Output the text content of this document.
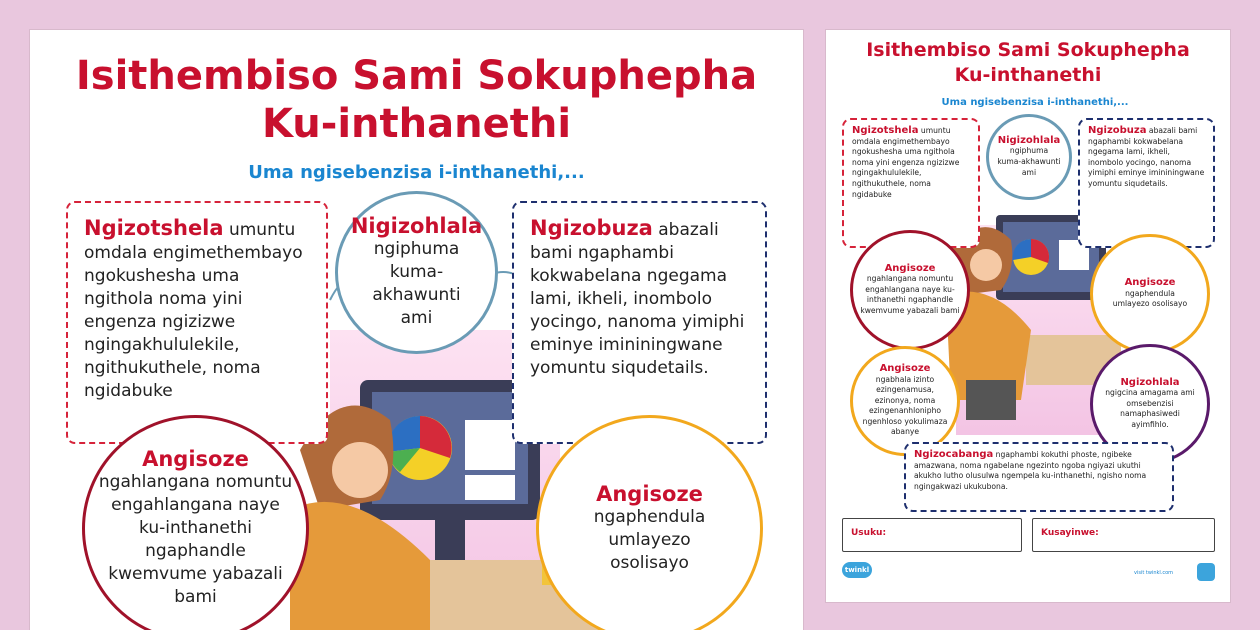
Isithembiso Sami Sokuphepha
Ku-inthanethi
Uma ngisebenzisa i-inthanethi,...
Ngizotshela umuntu omdala engimethembayo ngokushesha uma ngithola noma yini engenza ngizizwe ngingakhululekile, ngithukuthele, noma ngidabuke
Nigizohlala
ngiphuma kuma-akhawunti ami
Ngizobuza abazali bami ngaphambi kokwabelana ngegama lami, ikheli, inombolo yocingo, nanoma yimiphi eminye imininingwane yomuntu siqudetails.
Angisoze
ngahlangana nomuntu engahlangana naye ku-inthanethi ngaphandle kwemvume yabazali bami
Angisoze
ngaphendula umlayezo osolisayo
Isithembiso Sami Sokuphepha
Ku-inthanethi
Uma ngisebenzisa i-inthanethi,...
Ngizotshela umuntu omdala engimethembayo ngokushesha uma ngithola noma yini engenza ngizizwe ngingakhululekile, ngithukuthele, noma ngidabuke
Nigizohlala
ngiphuma kuma-akhawunti ami
Ngizobuza abazali bami ngaphambi kokwabelana ngegama lami, ikheli, inombolo yocingo, nanoma yimiphi eminye imininingwane yomuntu siqudetails.
Angisoze
ngahlangana nomuntu engahlangana naye ku-inthanethi ngaphandle kwemvume yabazali bami
Angisoze
ngaphendula umlayezo osolisayo
Angisoze
ngabhala izinto ezingenamusa, ezinonya, noma ezingenanhlonipho ngenhloso yokulimaza abanye
Ngizohlala
ngigcina amagama ami omsebenzisi namaphasiwedi ayimfihlo.
Ngizocabanga ngaphambi kokuthi phoste, ngibeke amazwana, noma ngabelane ngezinto ngoba ngiyazi ukuthi akukho lutho olusulwa ngempela ku-inthanethi, ngisho noma ngingakwazi ukukubona.
Usuku:	Kusayinwe:
twinkl	visit twinkl.com
